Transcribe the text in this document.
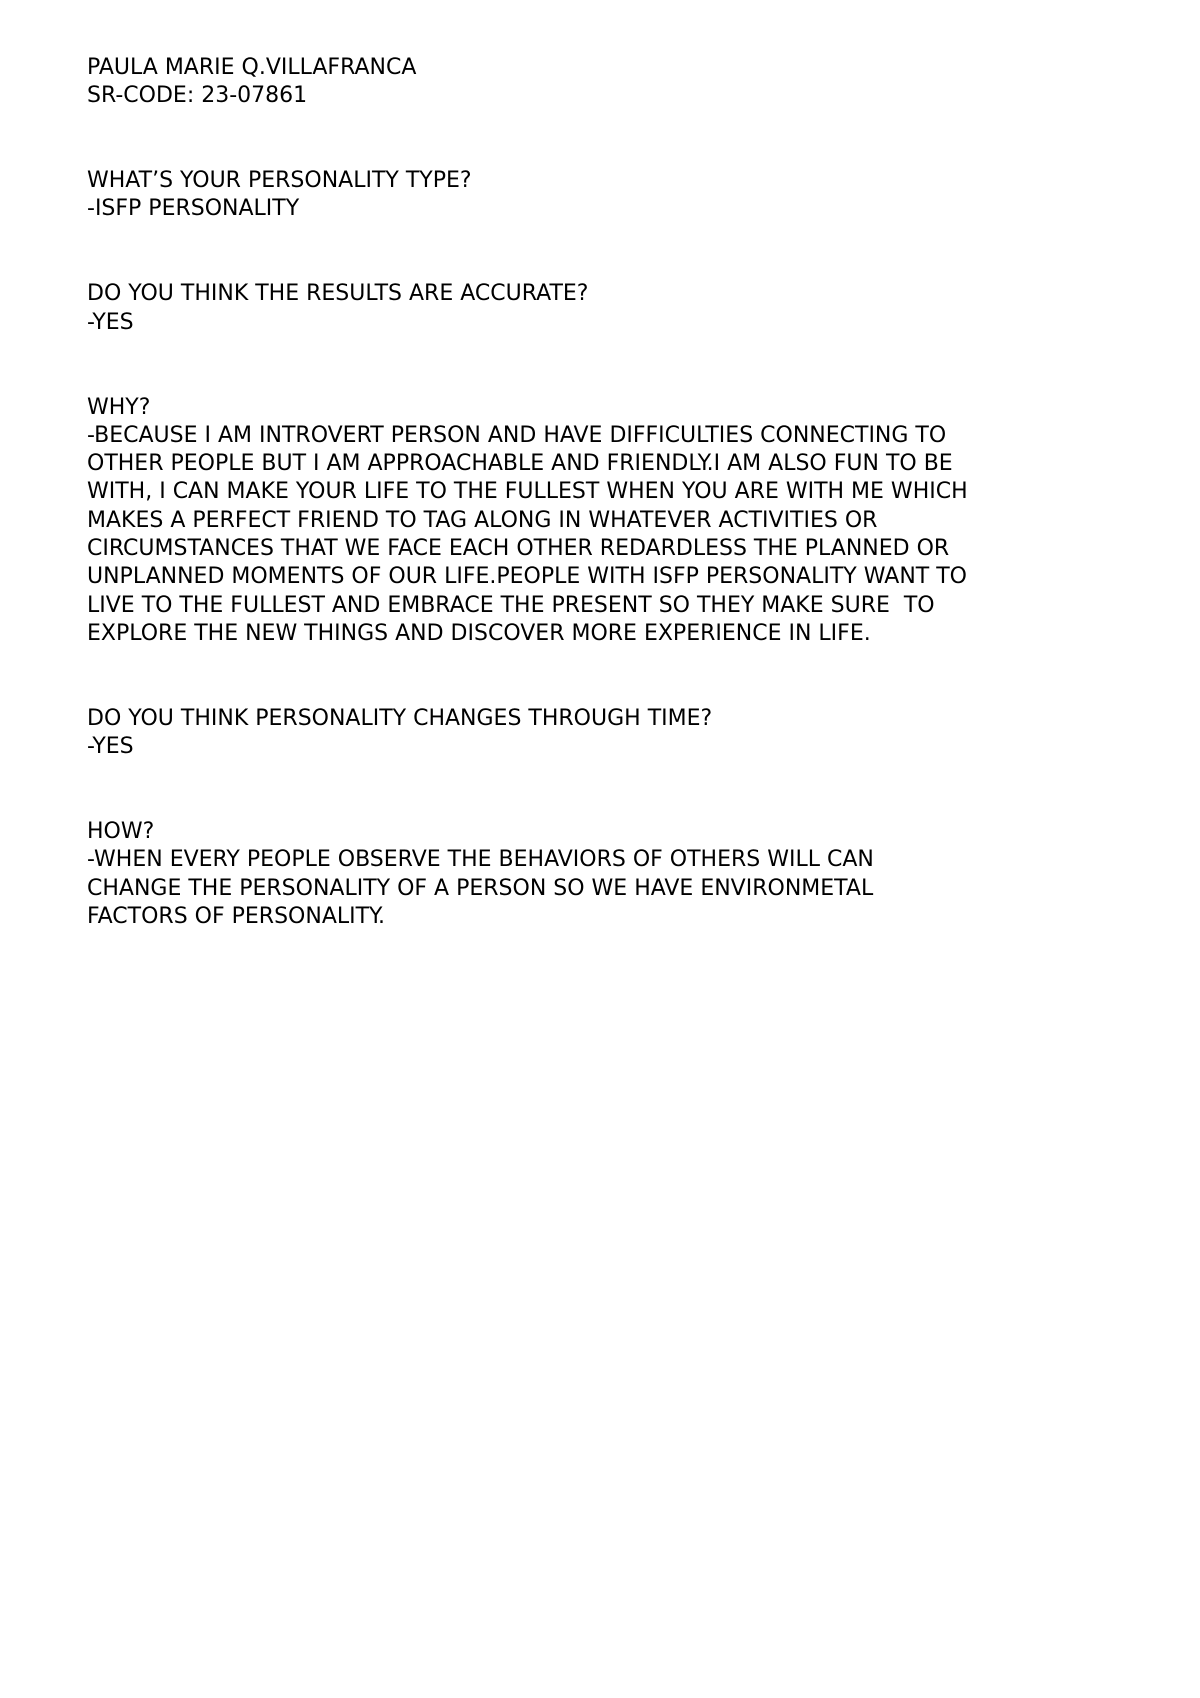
PAULA MARIE Q.VILLAFRANCA

SR-CODE: 23-07861

WHAT’S YOUR PERSONALITY TYPE?

-ISFP PERSONALITY

DO YOU THINK THE RESULTS ARE ACCURATE?

-YES

WHY?

-BECAUSE I AM INTROVERT PERSON AND HAVE DIFFICULTIES CONNECTING TO

OTHER PEOPLE BUT I AM APPROACHABLE AND FRIENDLY.I AM ALSO FUN TO BE

WITH, I CAN MAKE YOUR LIFE TO THE FULLEST WHEN YOU ARE WITH ME WHICH

MAKES A PERFECT FRIEND TO TAG ALONG IN WHATEVER ACTIVITIES OR

CIRCUMSTANCES THAT WE FACE EACH OTHER REDARDLESS THE PLANNED OR

UNPLANNED MOMENTS OF OUR LIFE.PEOPLE WITH ISFP PERSONALITY WANT TO

LIVE TO THE FULLEST AND EMBRACE THE PRESENT SO THEY MAKE SURE  TO

EXPLORE THE NEW THINGS AND DISCOVER MORE EXPERIENCE IN LIFE.

DO YOU THINK PERSONALITY CHANGES THROUGH TIME?

-YES

HOW?

-WHEN EVERY PEOPLE OBSERVE THE BEHAVIORS OF OTHERS WILL CAN

CHANGE THE PERSONALITY OF A PERSON SO WE HAVE ENVIRONMETAL

FACTORS OF PERSONALITY.
